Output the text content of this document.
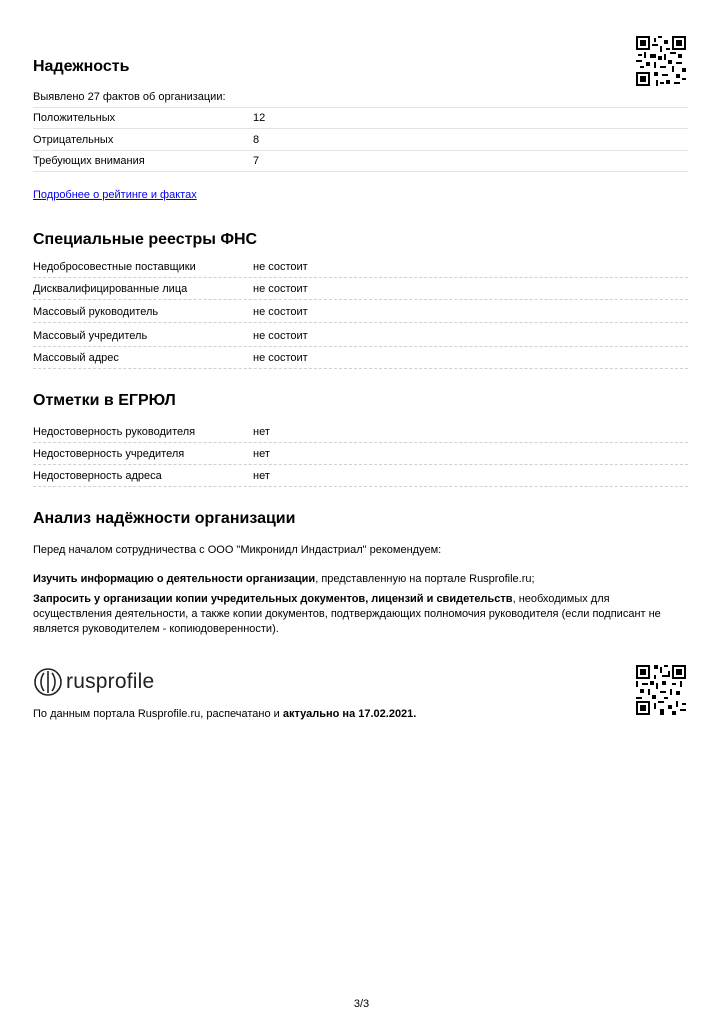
Надежность
Выявлено 27 фактов об организации:
Положительных	12
Отрицательных	8
Требующих внимания	7
Подробнее о рейтинге и фактах
Специальные реестры ФНС
Недобросовестные поставщики	не состоит
Дисквалифицированные лица	не состоит
Массовый руководитель	не состоит
Массовый учредитель	не состоит
Массовый адрес	не состоит
Отметки в ЕГРЮЛ
Недостоверность руководителя	нет
Недостоверность учредителя	нет
Недостоверность адреса	нет
Анализ надёжности организации
Перед началом сотрудничества с ООО "Микронидл Индастриал" рекомендуем:
Изучить информацию о деятельности организации, представленную на портале Rusprofile.ru;
Запросить у организации копии учредительных документов, лицензий и свидетельств, необходимых для осуществления деятельности, а также копии документов, подтверждающих полномочия руководителя (если подписант не является руководителем - копиюдоверенности).
rusprofile
По данным портала Rusprofile.ru, распечатано и актуально на 17.02.2021.
3/3
